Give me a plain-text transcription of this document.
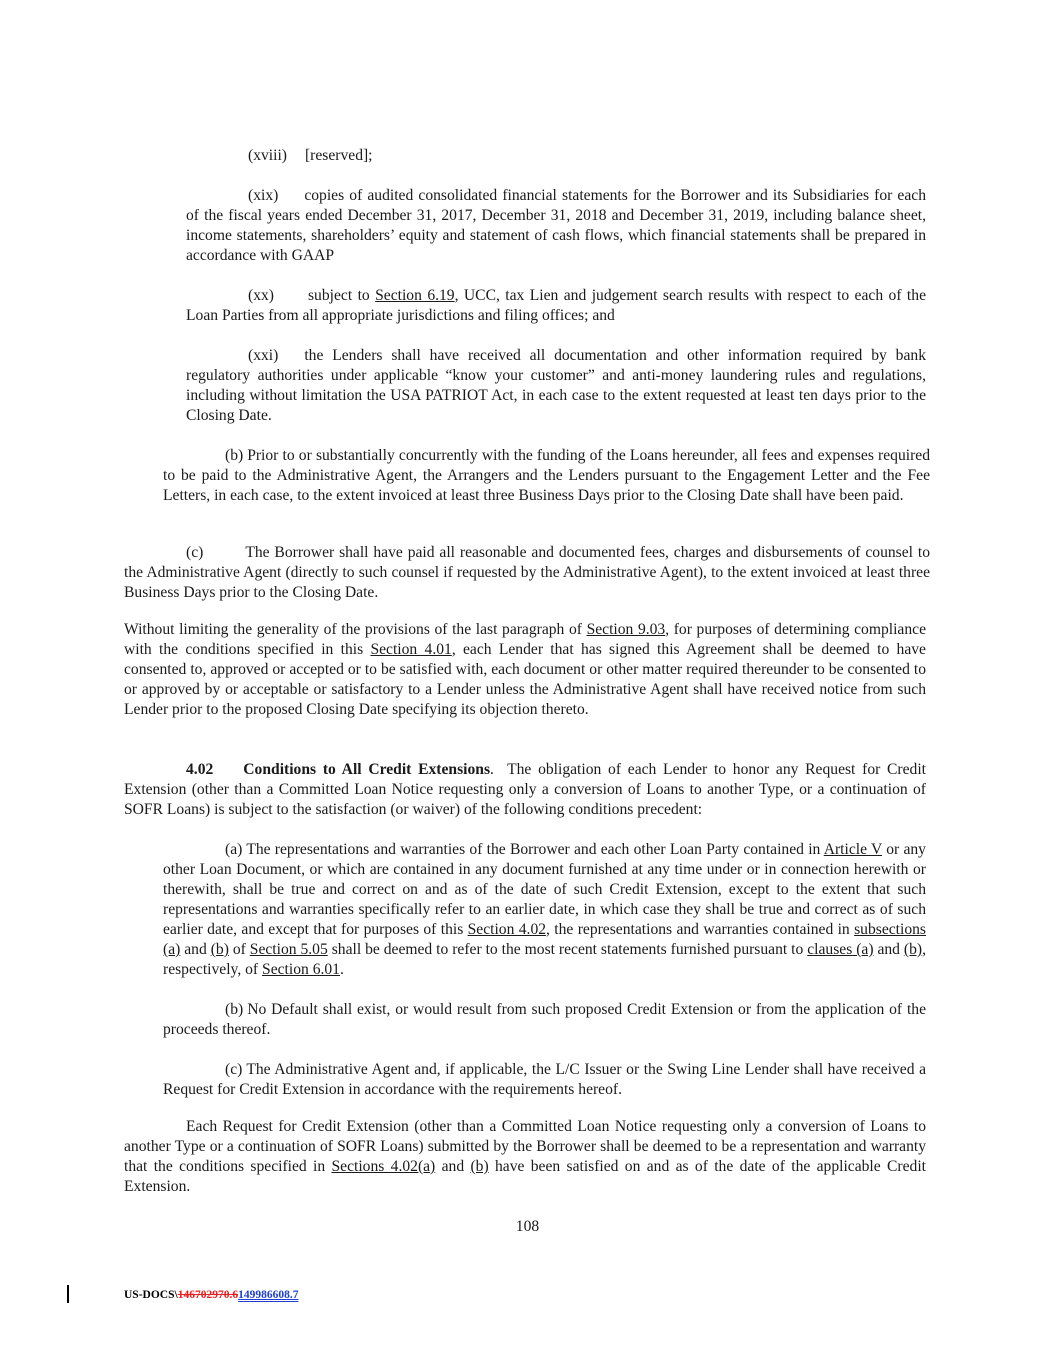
(xviii) [reserved];

(xix) copies of audited consolidated financial statements for the Borrower and its Subsidiaries for each of the fiscal years ended December 31, 2017, December 31, 2018 and December 31, 2019, including balance sheet, income statements, shareholders’ equity and statement of cash flows, which financial statements shall be prepared in accordance with GAAP

(xx) subject to Section 6.19, UCC, tax Lien and judgement search results with respect to each of the Loan Parties from all appropriate jurisdictions and filing offices; and

(xxi) the Lenders shall have received all documentation and other information required by bank regulatory authorities under applicable “know your customer” and anti-money laundering rules and regulations, including without limitation the USA PATRIOT Act, in each case to the extent requested at least ten days prior to the Closing Date.

(b) Prior to or substantially concurrently with the funding of the Loans hereunder, all fees and expenses required to be paid to the Administrative Agent, the Arrangers and the Lenders pursuant to the Engagement Letter and the Fee Letters, in each case, to the extent invoiced at least three Business Days prior to the Closing Date shall have been paid.

(c)	The Borrower shall have paid all reasonable and documented fees, charges and disbursements of counsel to the Administrative Agent (directly to such counsel if requested by the Administrative Agent), to the extent invoiced at least three Business Days prior to the Closing Date.

Without limiting the generality of the provisions of the last paragraph of Section 9.03, for purposes of determining compliance with the conditions specified in this Section 4.01, each Lender that has signed this Agreement shall be deemed to have consented to, approved or accepted or to be satisfied with, each document or other matter required thereunder to be consented to or approved by or acceptable or satisfactory to a Lender unless the Administrative Agent shall have received notice from such Lender prior to the proposed Closing Date specifying its objection thereto.

4.02 Conditions to All Credit Extensions. The obligation of each Lender to honor any Request for Credit Extension (other than a Committed Loan Notice requesting only a conversion of Loans to another Type, or a continuation of SOFR Loans) is subject to the satisfaction (or waiver) of the following conditions precedent:

(a) The representations and warranties of the Borrower and each other Loan Party contained in Article V or any other Loan Document, or which are contained in any document furnished at any time under or in connection herewith or therewith, shall be true and correct on and as of the date of such Credit Extension, except to the extent that such representations and warranties specifically refer to an earlier date, in which case they shall be true and correct as of such earlier date, and except that for purposes of this Section 4.02, the representations and warranties contained in subsections (a) and (b) of Section 5.05 shall be deemed to refer to the most recent statements furnished pursuant to clauses (a) and (b), respectively, of Section 6.01.

(b) No Default shall exist, or would result from such proposed Credit Extension or from the application of the proceeds thereof.

(c) The Administrative Agent and, if applicable, the L/C Issuer or the Swing Line Lender shall have received a Request for Credit Extension in accordance with the requirements hereof.

Each Request for Credit Extension (other than a Committed Loan Notice requesting only a conversion of Loans to another Type or a continuation of SOFR Loans) submitted by the Borrower shall be deemed to be a representation and warranty that the conditions specified in Sections 4.02(a) and (b) have been satisfied on and as of the date of the applicable Credit Extension.

108
US-DOCS\146702970.6149986608.7
